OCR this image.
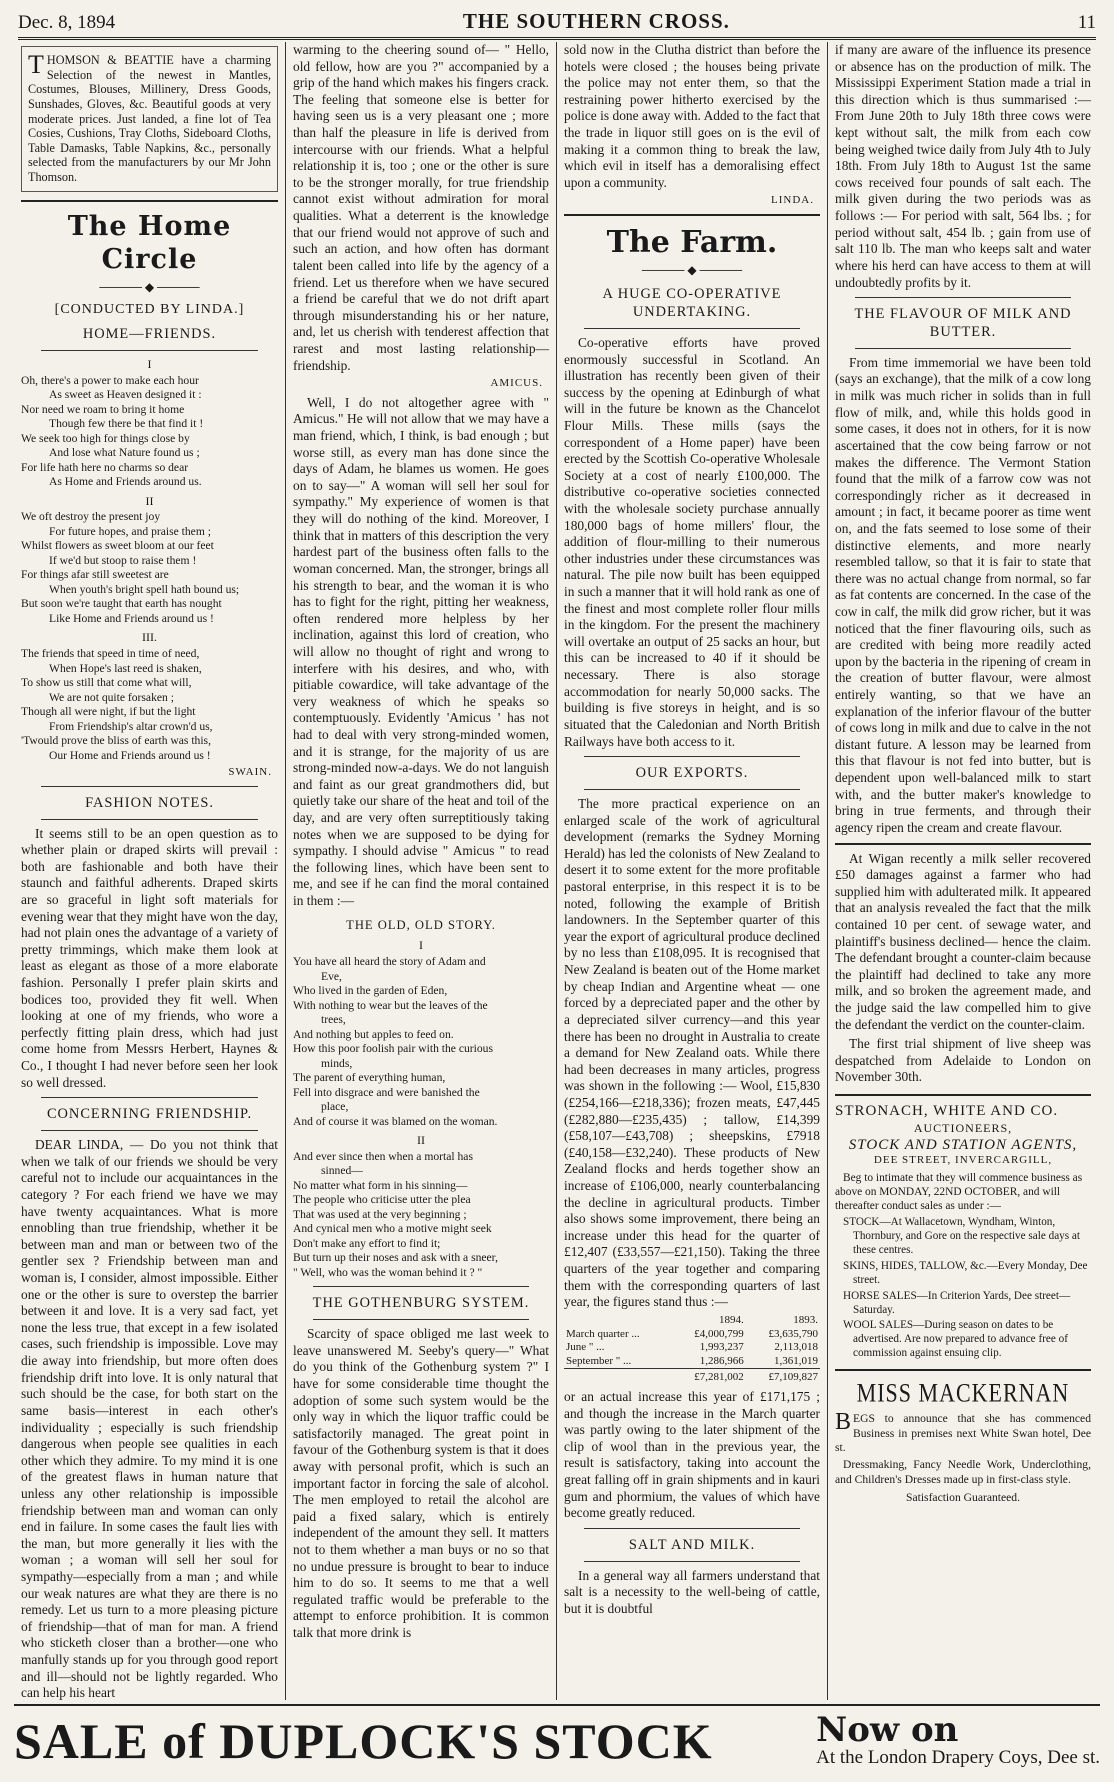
Dec. 8, 1894	THE SOUTHERN CROSS.	11
THOMSON & BEATTIE have a charming Selection of the newest in Mantles, Costumes, Blouses, Millinery, Dress Goods, Sunshades, Gloves, &c. Beautiful goods at very moderate prices. Just landed, a fine lot of Tea Cosies, Cushions, Tray Cloths, Sideboard Cloths, Table Damasks, Table Napkins, &c., personally selected from the manufacturers by our Mr John Thomson.
The Home Circle
───── ◆ ─────
[CONDUCTED BY LINDA.]
HOME—FRIENDS.
I
Oh, there's a power to make each hour
As sweet as Heaven designed it :
Nor need we roam to bring it home
Though few there be that find it !
We seek too high for things close by
And lose what Nature found us ;
For life hath here no charms so dear
As Home and Friends around us.
II
We oft destroy the present joy
For future hopes, and praise them ;
Whilst flowers as sweet bloom at our feet
If we'd but stoop to raise them !
For things afar still sweetest are
When youth's bright spell hath bound us;
But soon we're taught that earth has nought
Like Home and Friends around us !
III.
The friends that speed in time of need,
When Hope's last reed is shaken,
To show us still that come what will,
We are not quite forsaken ;
Though all were night, if but the light
From Friendship's altar crown'd us,
'Twould prove the bliss of earth was this,
Our Home and Friends around us !
SWAIN.
FASHION NOTES.

It seems still to be an open question as to whether plain or draped skirts will prevail : both are fashionable and both have their staunch and faithful adherents. Draped skirts are so graceful in light soft materials for evening wear that they might have won the day, had not plain ones the advantage of a variety of pretty trimmings, which make them look at least as elegant as those of a more elaborate fashion. Personally I prefer plain skirts and bodices too, provided they fit well. When looking at one of my friends, who wore a perfectly fitting plain dress, which had just come home from Messrs Herbert, Haynes & Co., I thought I had never before seen her look so well dressed.

CONCERNING FRIENDSHIP.

DEAR LINDA, — Do you not think that when we talk of our friends we should be very careful not to include our acquaintances in the category ? For each friend we have we may have twenty acquaintances. What is more ennobling than true friendship, whether it be between man and man or between two of the gentler sex ? Friendship between man and woman is, I consider, almost impossible. Either one or the other is sure to overstep the barrier between it and love. It is a very sad fact, yet none the less true, that except in a few isolated cases, such friendship is impossible. Love may die away into friendship, but more often does friendship drift into love. It is only natural that such should be the case, for both start on the same basis—interest in each other's individuality ; especially is such friendship dangerous when people see qualities in each other which they admire. To my mind it is one of the greatest flaws in human nature that unless any other relationship is impossible friendship between man and woman can only end in failure. In some cases the fault lies with the man, but more generally it lies with the woman ; a woman will sell her soul for sympathy—especially from a man ; and while our weak natures are what they are there is no remedy. Let us turn to a more pleasing picture of friendship—that of man for man. A friend who sticketh closer than a brother—one who manfully stands up for you through good report and ill—should not be lightly regarded. Who can help his heart

warming to the cheering sound of— " Hello, old fellow, how are you ?" accompanied by a grip of the hand which makes his fingers crack. The feeling that someone else is better for having seen us is a very pleasant one ; more than half the pleasure in life is derived from intercourse with our friends. What a helpful relationship it is, too ; one or the other is sure to be the stronger morally, for true friendship cannot exist without admiration for moral qualities. What a deterrent is the knowledge that our friend would not approve of such and such an action, and how often has dormant talent been called into life by the agency of a friend. Let us therefore when we have secured a friend be careful that we do not drift apart through misunderstanding his or her nature, and, let us cherish with tenderest affection that rarest and most lasting relationship—friendship.

AMICUS.

Well, I do not altogether agree with " Amicus." He will not allow that we may have a man friend, which, I think, is bad enough ; but worse still, as every man has done since the days of Adam, he blames us women. He goes on to say—" A woman will sell her soul for sympathy." My experience of women is that they will do nothing of the kind. Moreover, I think that in matters of this description the very hardest part of the business often falls to the woman concerned. Man, the stronger, brings all his strength to bear, and the woman it is who has to fight for the right, pitting her weakness, often rendered more helpless by her inclination, against this lord of creation, who will allow no thought of right and wrong to interfere with his desires, and who, with pitiable cowardice, will take advantage of the very weakness of which he speaks so contemptuously. Evidently 'Amicus ' has not had to deal with very strong-minded women, and it is strange, for the majority of us are strong-minded now-a-days. We do not languish and faint as our great grandmothers did, but quietly take our share of the heat and toil of the day, and are very often surreptitiously taking notes when we are supposed to be dying for sympathy. I should advise " Amicus " to read the following lines, which have been sent to me, and see if he can find the moral contained in them :—

THE OLD, OLD STORY.
I
You have all heard the story of Adam and
Eve,
Who lived in the garden of Eden,
With nothing to wear but the leaves of the
trees,
And nothing but apples to feed on.
How this poor foolish pair with the curious
minds,
The parent of everything human,
Fell into disgrace and were banished the
place,
And of course it was blamed on the woman.
II
And ever since then when a mortal has
sinned—
No matter what form in his sinning—
The people who criticise utter the plea
That was used at the very beginning ;
And cynical men who a motive might seek
Don't make any effort to find it;
But turn up their noses and ask with a sneer,
" Well, who was the woman behind it ? "
THE GOTHENBURG SYSTEM.

Scarcity of space obliged me last week to leave unanswered M. Seeby's query—" What do you think of the Gothenburg system ?" I have for some considerable time thought the adoption of some such system would be the only way in which the liquor traffic could be satisfactorily managed. The great point in favour of the Gothenburg system is that it does away with personal profit, which is such an important factor in forcing the sale of alcohol. The men employed to retail the alcohol are paid a fixed salary, which is entirely independent of the amount they sell. It matters not to them whether a man buys or no so that no undue pressure is brought to bear to induce him to do so. It seems to me that a well regulated traffic would be preferable to the attempt to enforce prohibition. It is common talk that more drink is

sold now in the Clutha district than before the hotels were closed ; the houses being private the police may not enter them, so that the restraining power hitherto exercised by the police is done away with. Added to the fact that the trade in liquor still goes on is the evil of making it a common thing to break the law, which evil in itself has a demoralising effect upon a community.

LINDA.
The Farm.
───── ◆ ─────
A HUGE CO-OPERATIVE UNDERTAKING.

Co-operative efforts have proved enormously successful in Scotland. An illustration has recently been given of their success by the opening at Edinburgh of what will in the future be known as the Chancelot Flour Mills. These mills (says the correspondent of a Home paper) have been erected by the Scottish Co-operative Wholesale Society at a cost of nearly £100,000. The distributive co-operative societies connected with the wholesale society purchase annually 180,000 bags of home millers' flour, the addition of flour-milling to their numerous other industries under these circumstances was natural. The pile now built has been equipped in such a manner that it will hold rank as one of the finest and most complete roller flour mills in the kingdom. For the present the machinery will overtake an output of 25 sacks an hour, but this can be increased to 40 if it should be necessary. There is also storage accommodation for nearly 50,000 sacks. The building is five storeys in height, and is so situated that the Caledonian and North British Railways have both access to it.

OUR EXPORTS.

The more practical experience on an enlarged scale of the work of agricultural development (remarks the Sydney Morning Herald) has led the colonists of New Zealand to desert it to some extent for the more profitable pastoral enterprise, in this respect it is to be noted, following the example of British landowners. In the September quarter of this year the export of agricultural produce declined by no less than £108,095. It is recognised that New Zealand is beaten out of the Home market by cheap Indian and Argentine wheat — one forced by a depreciated paper and the other by a depreciated silver currency—and this year there has been no drought in Australia to create a demand for New Zealand oats. While there had been decreases in many articles, progress was shown in the following :— Wool, £15,830 (£254,166—£218,336); frozen meats, £47,445 (£282,880—£235,435) ; tallow, £14,399 (£58,107—£43,708) ; sheepskins, £7918 (£40,158—£32,240). These products of New Zealand flocks and herds together show an increase of £106,000, nearly counterbalancing the decline in agricultural products. Timber also shows some improvement, there being an increase under this head for the quarter of £12,407 (£33,557—£21,150). Taking the three quarters of the year together and comparing them with the corresponding quarters of last year, the figures stand thus :—

	1894.	1893.
March quarter ...	£4,000,799	£3,635,790
June " ...	1,993,237	2,113,018
September " ...	1,286,966	1,361,019
	£7,281,002	£7,109,827

or an actual increase this year of £171,175 ; and though the increase in the March quarter was partly owing to the later shipment of the clip of wool than in the previous year, the result is satisfactory, taking into account the great falling off in grain shipments and in kauri gum and phormium, the values of which have become greatly reduced.

SALT AND MILK.

In a general way all farmers understand that salt is a necessity to the well-being of cattle, but it is doubtful

if many are aware of the influence its presence or absence has on the production of milk. The Mississippi Experiment Station made a trial in this direction which is thus summarised :— From June 20th to July 18th three cows were kept without salt, the milk from each cow being weighed twice daily from July 4th to July 18th. From July 18th to August 1st the same cows received four pounds of salt each. The milk given during the two periods was as follows :— For period with salt, 564 lbs. ; for period without salt, 454 lb. ; gain from use of salt 110 lb. The man who keeps salt and water where his herd can have access to them at will undoubtedly profits by it.

THE FLAVOUR OF MILK AND BUTTER.

From time immemorial we have been told (says an exchange), that the milk of a cow long in milk was much richer in solids than in full flow of milk, and, while this holds good in some cases, it does not in others, for it is now ascertained that the cow being farrow or not makes the difference. The Vermont Station found that the milk of a farrow cow was not correspondingly richer as it decreased in amount ; in fact, it became poorer as time went on, and the fats seemed to lose some of their distinctive elements, and more nearly resembled tallow, so that it is fair to state that there was no actual change from normal, so far as fat contents are concerned. In the case of the cow in calf, the milk did grow richer, but it was noticed that the finer flavouring oils, such as are credited with being more readily acted upon by the bacteria in the ripening of cream in the creation of butter flavour, were almost entirely wanting, so that we have an explanation of the inferior flavour of the butter of cows long in milk and due to calve in the not distant future. A lesson may be learned from this that flavour is not fed into butter, but is dependent upon well-balanced milk to start with, and the butter maker's knowledge to bring in true ferments, and through their agency ripen the cream and create flavour.

At Wigan recently a milk seller recovered £50 damages against a farmer who had supplied him with adulterated milk. It appeared that an analysis revealed the fact that the milk contained 10 per cent. of sewage water, and plaintiff's business declined— hence the claim. The defendant brought a counter-claim because the plaintiff had declined to take any more milk, and so broken the agreement made, and the judge said the law compelled him to give the defendant the verdict on the counter-claim.

The first trial shipment of live sheep was despatched from Adelaide to London on November 30th.

STRONACH, WHITE AND CO.
AUCTIONEERS,
STOCK AND STATION AGENTS,
DEE STREET, INVERCARGILL,

Beg to intimate that they will commence business as above on MONDAY, 22ND OCTOBER, and will thereafter conduct sales as under :—

STOCK—At Wallacetown, Wyndham, Winton, Thornbury, and Gore on the respective sale days at these centres.
SKINS, HIDES, TALLOW, &c.—Every Monday, Dee street.
HORSE SALES—In Criterion Yards, Dee street—Saturday.
WOOL SALES—During season on dates to be advertised. Are now prepared to advance free of commission against ensuing clip.
MISS MACKERNAN

BEGS to announce that she has commenced Business in premises next White Swan hotel, Dee st.

Dressmaking, Fancy Needle Work, Underclothing, and Children's Dresses made up in first-class style.

Satisfaction Guaranteed.
SALE of DUPLOCK'S STOCK	Now on
At the London Drapery Coys, Dee st.
